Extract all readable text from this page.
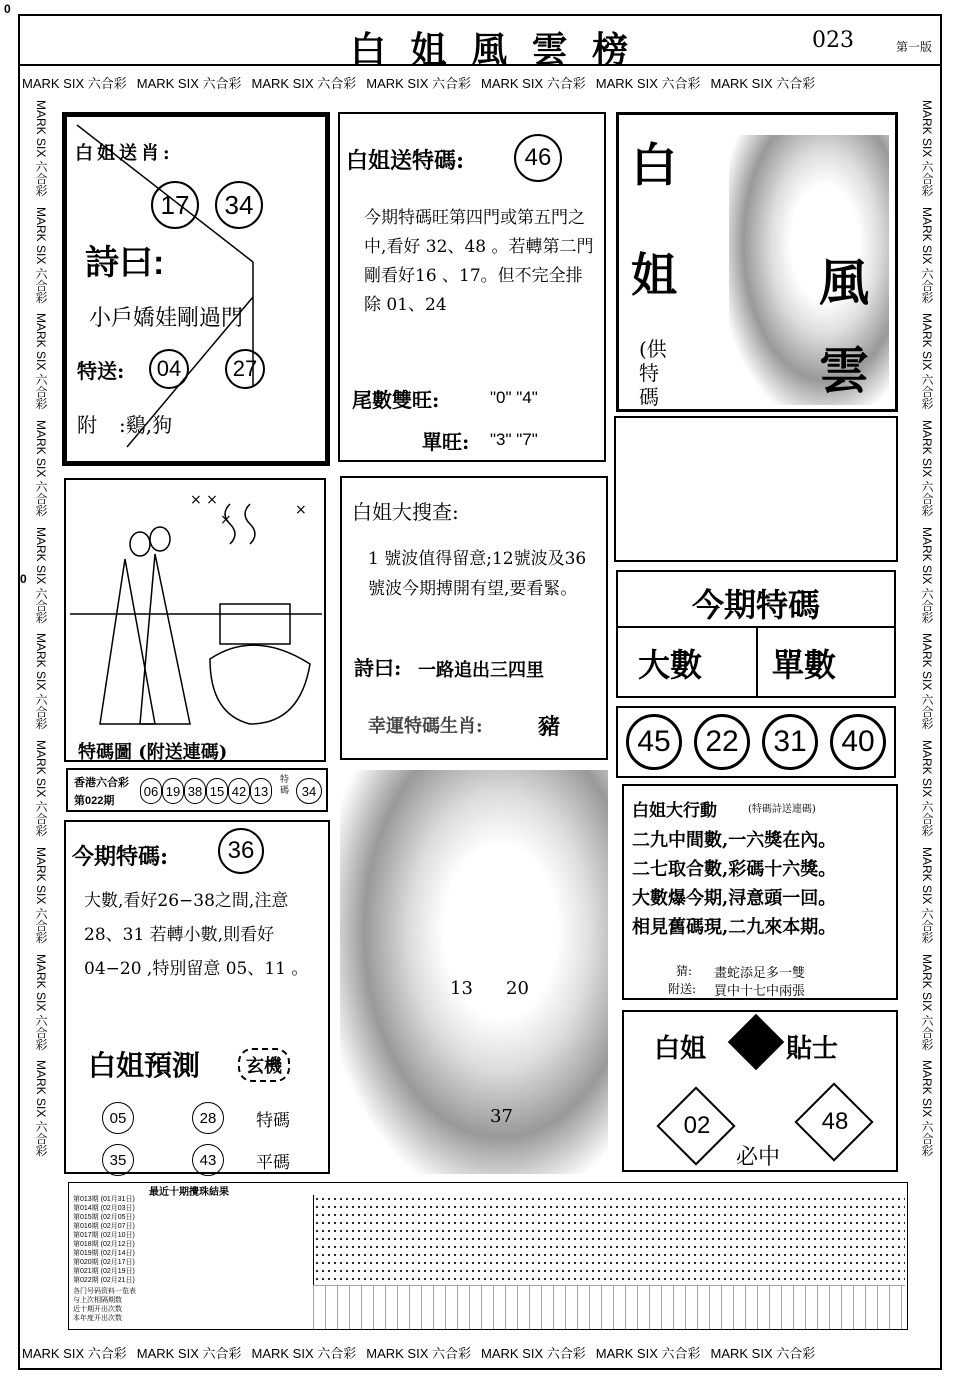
0
0
白 姐 風 雲 榜	023	第一版
MARK SIX 六合彩 MARK SIX 六合彩 MARK SIX 六合彩 MARK SIX 六合彩 MARK SIX 六合彩 MARK SIX 六合彩 MARK SIX 六合彩
MARK SIX 六合彩 MARK SIX 六合彩 MARK SIX 六合彩 MARK SIX 六合彩 MARK SIX 六合彩 MARK SIX 六合彩 MARK SIX 六合彩
MARK SIX 六合彩MARK SIX 六合彩MARK SIX 六合彩MARK SIX 六合彩MARK SIX 六合彩MARK SIX 六合彩MARK SIX 六合彩MARK SIX 六合彩MARK SIX 六合彩MARK SIX 六合彩
MARK SIX 六合彩MARK SIX 六合彩MARK SIX 六合彩MARK SIX 六合彩MARK SIX 六合彩MARK SIX 六合彩MARK SIX 六合彩MARK SIX 六合彩MARK SIX 六合彩MARK SIX 六合彩
白姐送肖:
17	34
詩曰:
小戶嬌娃剛過門
特送:	04	27
附 :鷄,狗
白姐送特碼:	46
今期特碼旺第四門或第五門之中,看好 32、48 。若轉第二門剛看好16 、17。但不完全排除 01、24
尾數雙旺:	"0" "4"
單旺: "3" "7"
白
姐	風
雲
(供特碼
× ×
×
×
特碼圖 (附送連碼)
白姐大搜查:
1 號波值得留意;12號波及36 號波今期搏開有望,要看緊。
詩曰: 一路追出三四里
幸運特碼生肖:	豬
今期特碼
大數 單數
45	22	31	40
香港六合彩
第022期
06 19 38 15 42 13
特碼 34
今期特碼:	36
大數,看好26−38之間,注意 28、31 若轉小數,則看好04−20 ,特別留意 05、11 。
白姐預測	玄機
05	28	特碼
35	43	平碼
13 20
37
白姐大行動	(特碼詩送連碼)
二九中間數,一六獎在內。
二七取合數,彩碼十六獎。
大數爆今期,浔意頭一回。
相見舊碼現,二九來本期。
猜: 畫蛇添足多一雙
附送: 買中十七中兩張
白姐	貼士
02	48
必中
最近十期攪珠結果
第013期 (01月31日)
第014期 (02月03日)
第015期 (02月05日)
第016期 (02月07日)
第017期 (02月10日)
第018期 (02月12日)
第019期 (02月14日)
第020期 (02月17日)
第021期 (02月19日)
第022期 (02月21日)
各门号码资料一览表
与上次相隔期数
近十期开出次数
本年度开出次数
